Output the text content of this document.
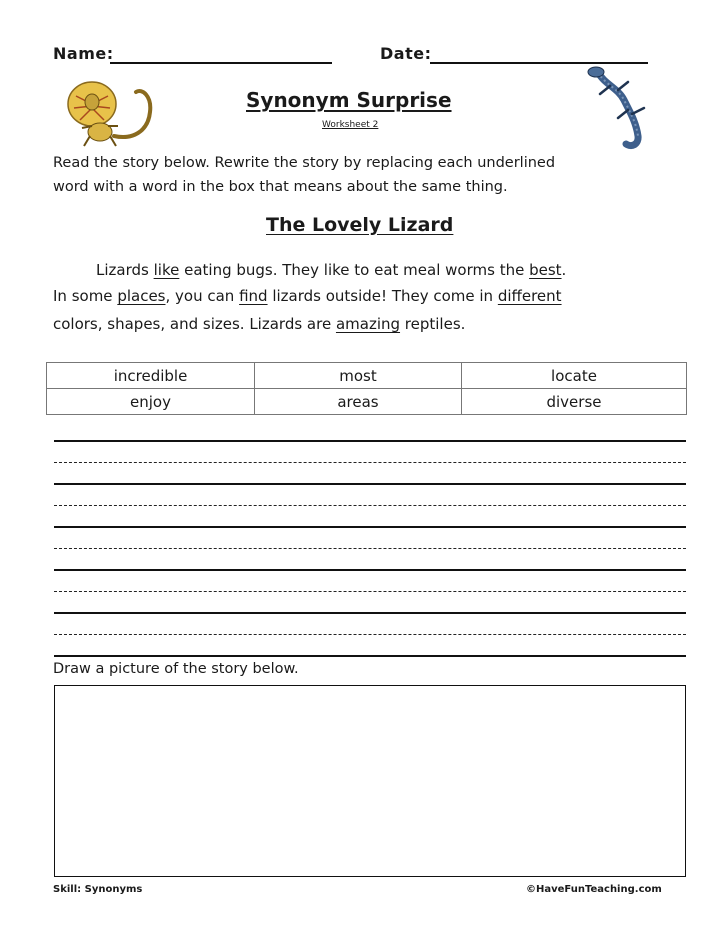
Name:	Date:
Synonym Surprise
Worksheet 2
Read the story below. Rewrite the story by replacing each underlined
word with a word in the box that means about the same thing.
The Lovely Lizard
Lizards like eating bugs. They like to eat meal worms the best.
In some places, you can find lizards outside! They come in different
colors, shapes, and sizes. Lizards are amazing reptiles.
incredible	most	locate
enjoy	areas	diverse
Draw a picture of the story below.
Skill: Synonyms	©HaveFunTeaching.com
